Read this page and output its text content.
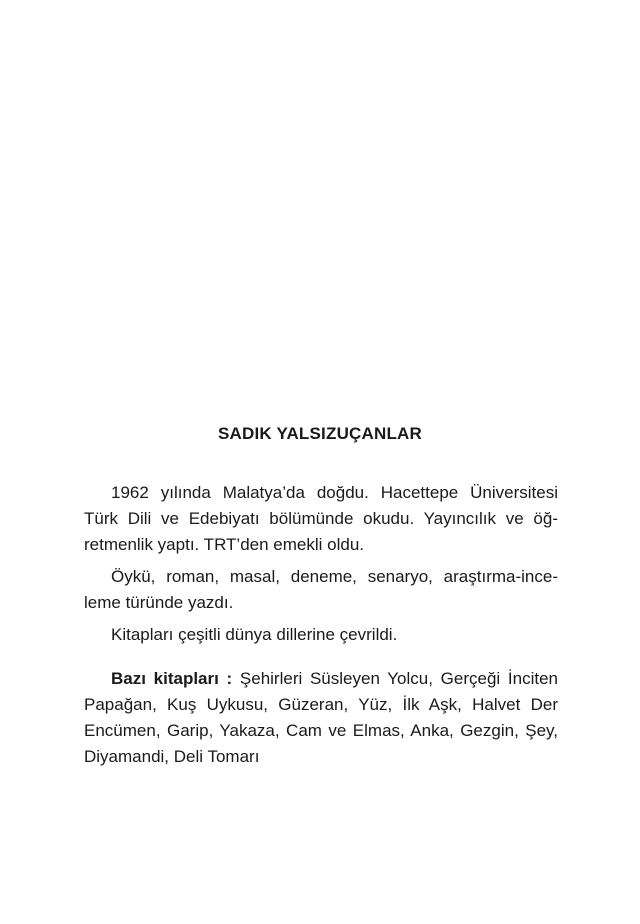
SADIK YALSIZUÇANLAR

1962 yılında Malatya’da doğdu. Hacettepe Üniversitesi Türk Dili ve Edebiyatı bölümünde okudu. Yayıncılık ve öğretmenlik yaptı. TRT’den emekli oldu.

Öykü, roman, masal, deneme, senaryo, araştırma-inceleme türünde yazdı.

Kitapları çeşitli dünya dillerine çevrildi.

Bazı kitapları : Şehirleri Süsleyen Yolcu, Gerçeği İnciten Papağan, Kuş Uykusu, Güzeran, Yüz, İlk Aşk, Halvet Der Encümen, Garip, Yakaza, Cam ve Elmas, Anka, Gezgin, Şey, Diyamandi, Deli Tomarı
